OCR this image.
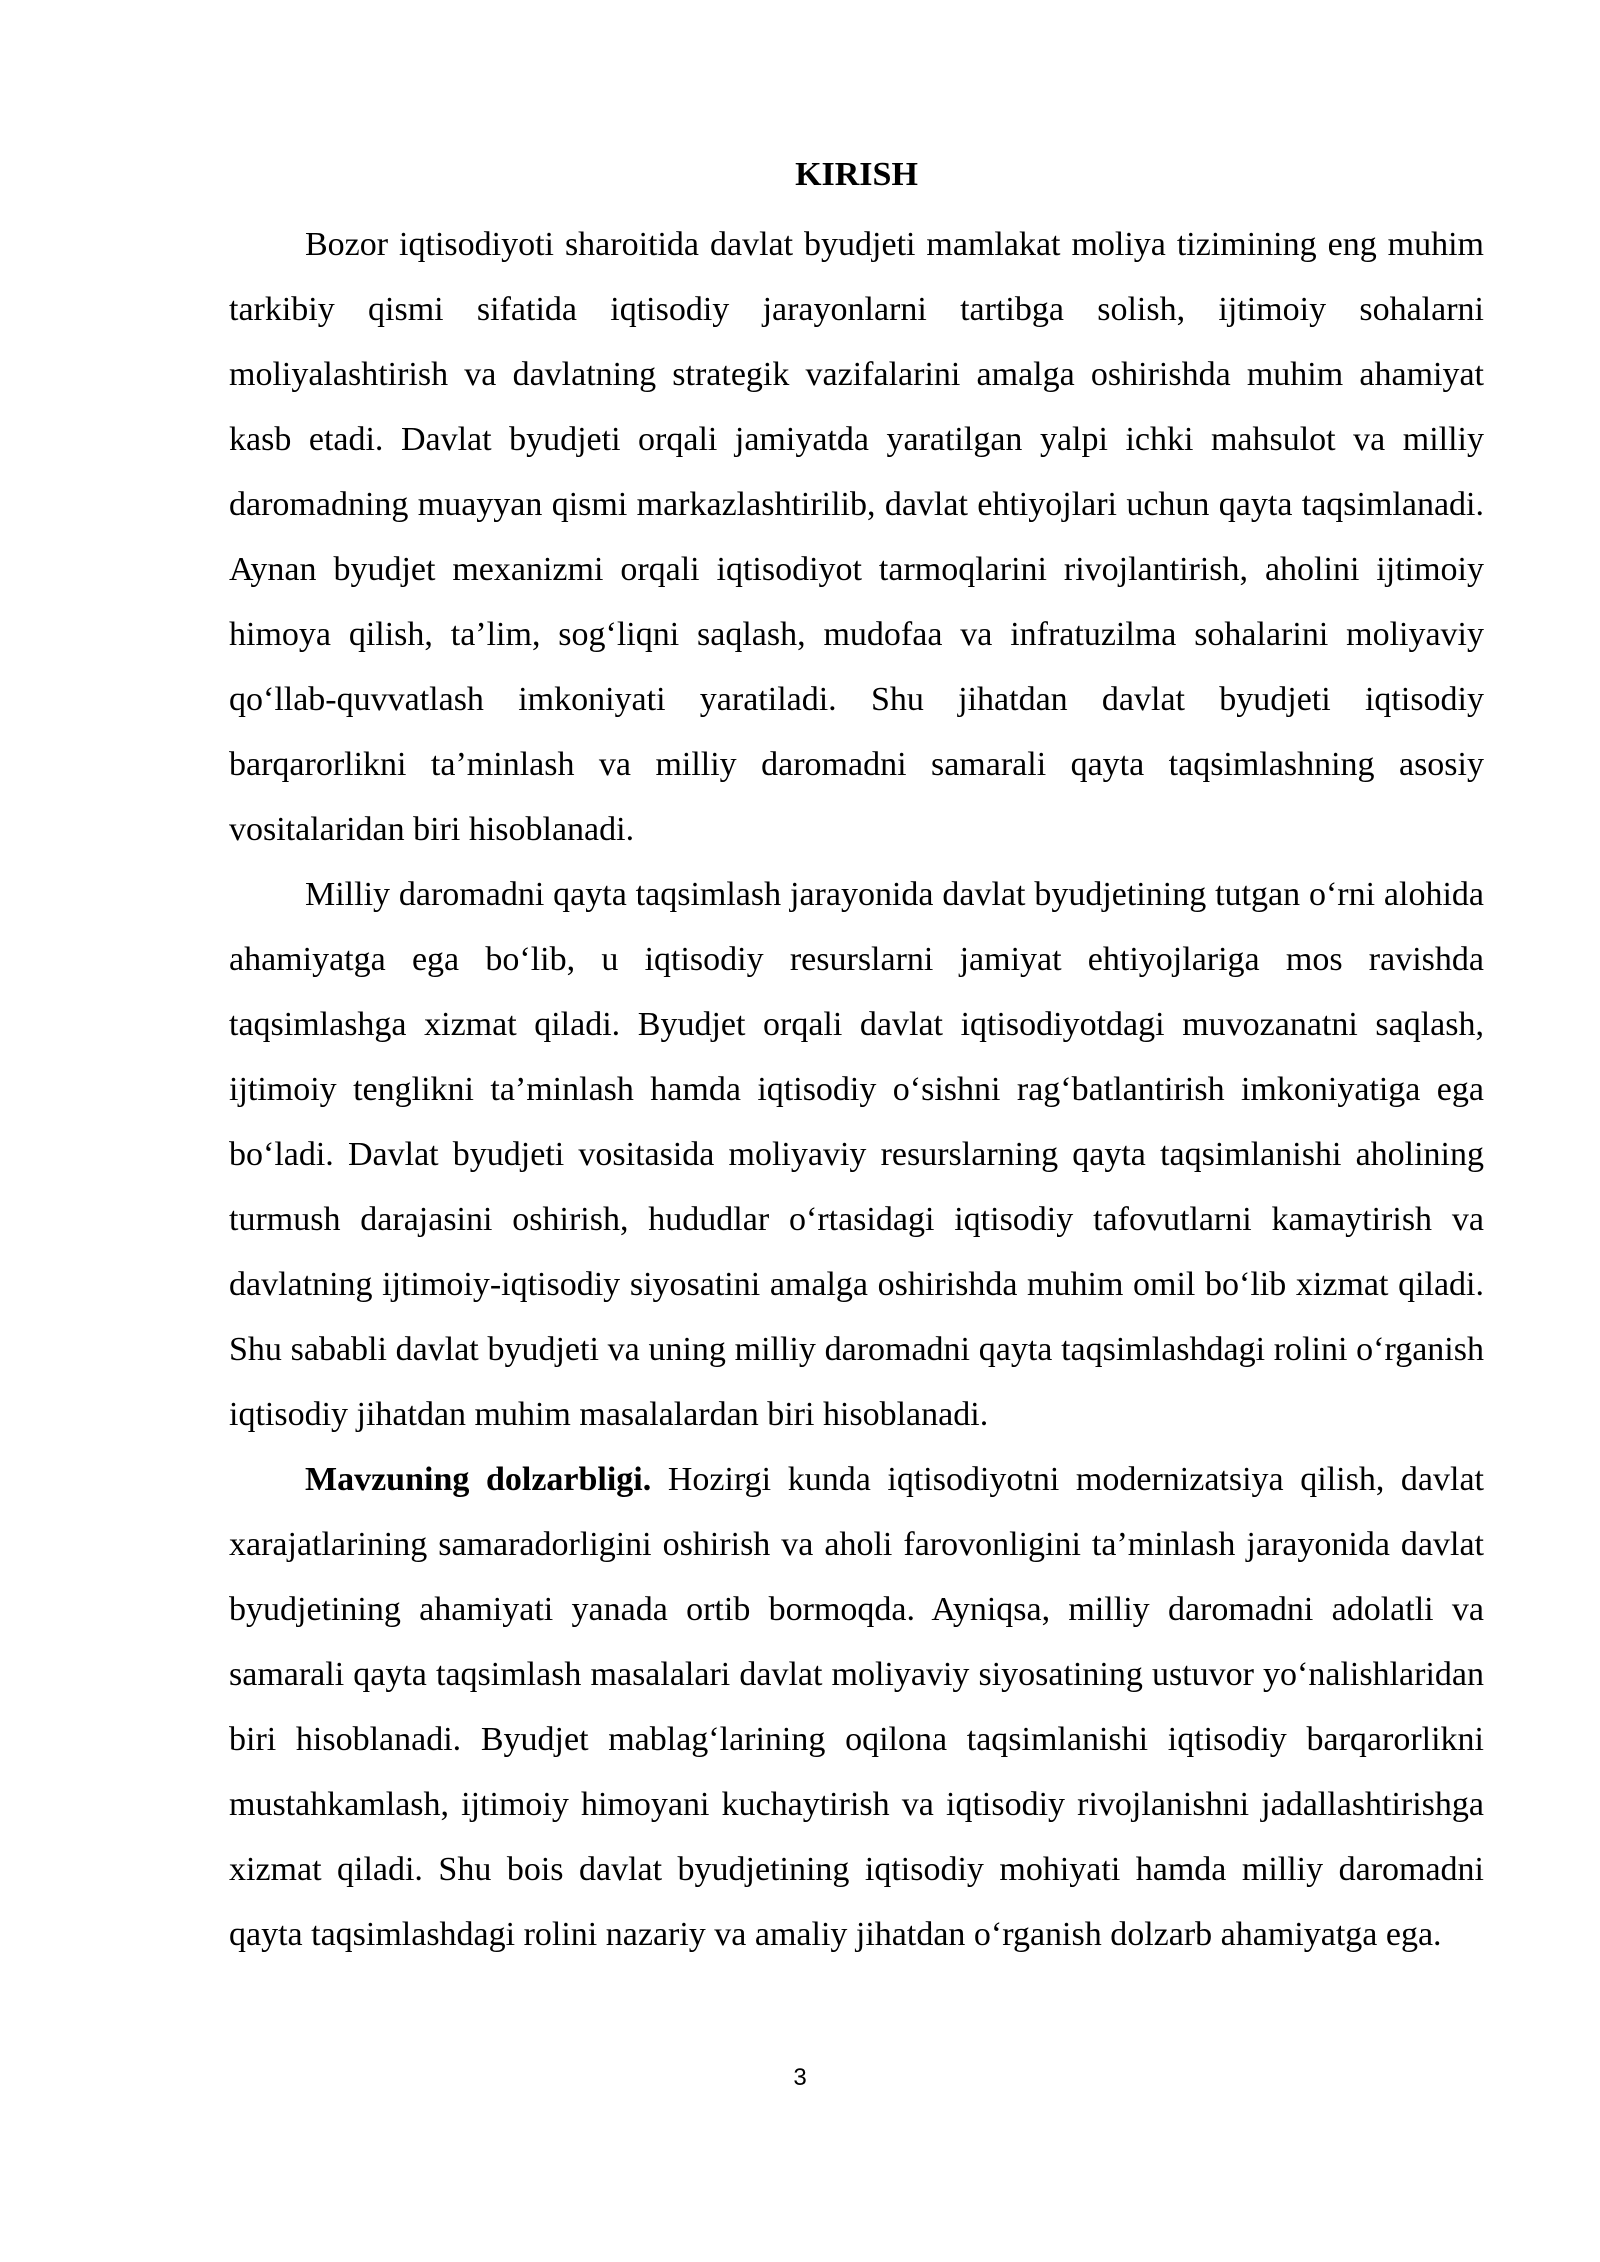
KIRISH

Bozor iqtisodiyoti sharoitida davlat byudjeti mamlakat moliya tizimining eng muhim tarkibiy qismi sifatida iqtisodiy jarayonlarni tartibga solish, ijtimoiy sohalarni moliyalashtirish va davlatning strategik vazifalarini amalga oshirishda muhim ahamiyat kasb etadi. Davlat byudjeti orqali jamiyatda yaratilgan yalpi ichki mahsulot va milliy daromadning muayyan qismi markazlashtirilib, davlat ehtiyojlari uchun qayta taqsimlanadi. Aynan byudjet mexanizmi orqali iqtisodiyot tarmoqlarini rivojlantirish, aholini ijtimoiy himoya qilish, ta’lim, sog‘liqni saqlash, mudofaa va infratuzilma sohalarini moliyaviy qo‘llab-quvvatlash imkoniyati yaratiladi. Shu jihatdan davlat byudjeti iqtisodiy barqarorlikni ta’minlash va milliy daromadni samarali qayta taqsimlashning asosiy vositalaridan biri hisoblanadi.

Milliy daromadni qayta taqsimlash jarayonida davlat byudjetining tutgan o‘rni alohida ahamiyatga ega bo‘lib, u iqtisodiy resurslarni jamiyat ehtiyojlariga mos ravishda taqsimlashga xizmat qiladi. Byudjet orqali davlat iqtisodiyotdagi muvozanatni saqlash, ijtimoiy tenglikni ta’minlash hamda iqtisodiy o‘sishni rag‘batlantirish imkoniyatiga ega bo‘ladi. Davlat byudjeti vositasida moliyaviy resurslarning qayta taqsimlanishi aholining turmush darajasini oshirish, hududlar o‘rtasidagi iqtisodiy tafovutlarni kamaytirish va davlatning ijtimoiy-iqtisodiy siyosatini amalga oshirishda muhim omil bo‘lib xizmat qiladi. Shu sababli davlat byudjeti va uning milliy daromadni qayta taqsimlashdagi rolini o‘rganish iqtisodiy jihatdan muhim masalalardan biri hisoblanadi.

Mavzuning dolzarbligi. Hozirgi kunda iqtisodiyotni modernizatsiya qilish, davlat xarajatlarining samaradorligini oshirish va aholi farovonligini ta’minlash jarayonida davlat byudjetining ahamiyati yanada ortib bormoqda. Ayniqsa, milliy daromadni adolatli va samarali qayta taqsimlash masalalari davlat moliyaviy siyosatining ustuvor yo‘nalishlaridan biri hisoblanadi. Byudjet mablag‘larining oqilona taqsimlanishi iqtisodiy barqarorlikni mustahkamlash, ijtimoiy himoyani kuchaytirish va iqtisodiy rivojlanishni jadallashtirishga xizmat qiladi. Shu bois davlat byudjetining iqtisodiy mohiyati hamda milliy daromadni qayta taqsimlashdagi rolini nazariy va amaliy jihatdan o‘rganish dolzarb ahamiyatga ega.

3
